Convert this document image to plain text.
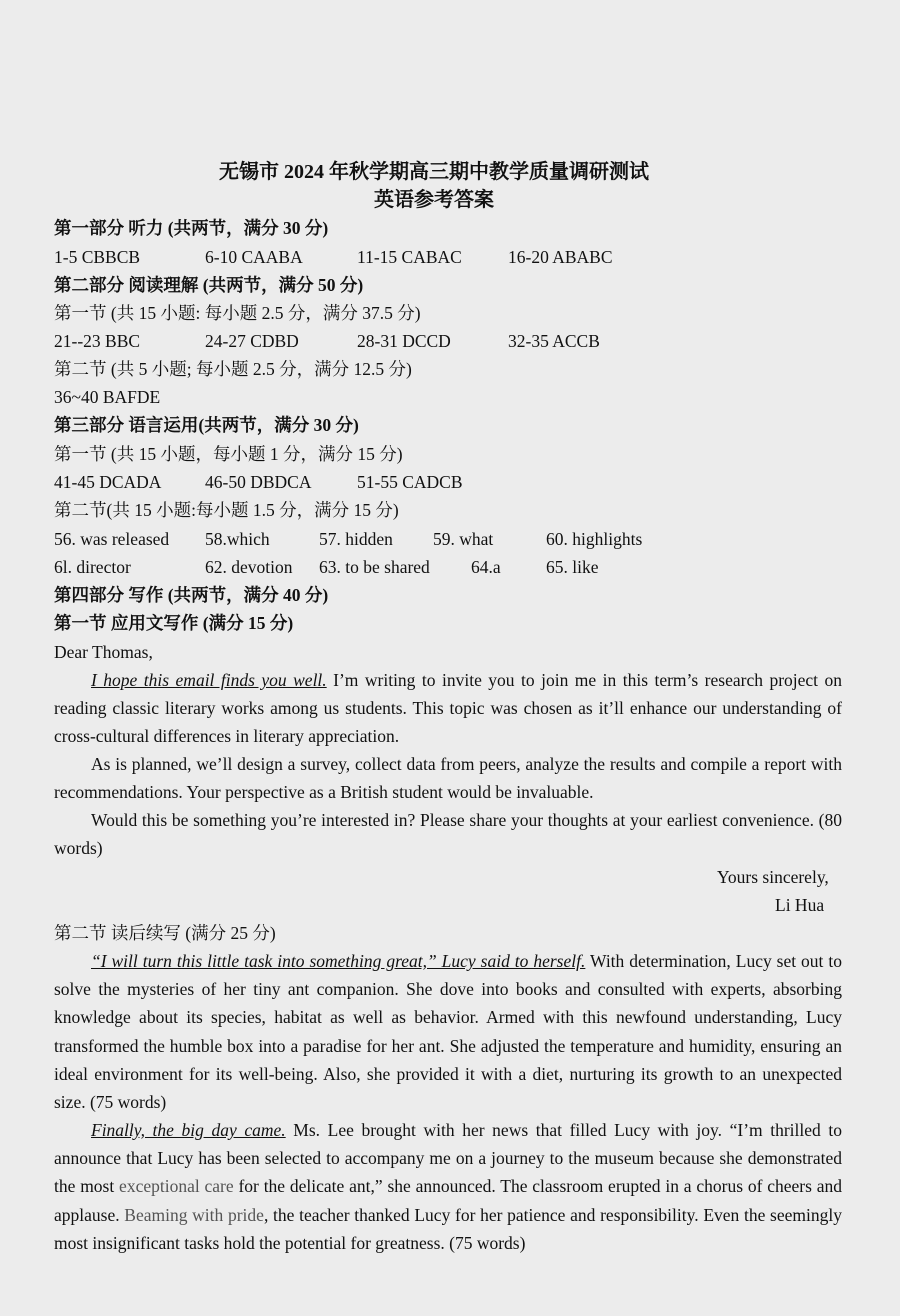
无锡市 2024 年秋学期高三期中教学质量调研测试
英语参考答案
第一部分 听力 (共两节，满分 30 分)
1-5 CBBCB	6-10 CAABA	11-15 CABAC	16-20 ABABC
第二部分 阅读理解 (共两节，满分 50 分)
第一节 (共 15 小题: 每小题 2.5 分，满分 37.5 分)
21--23 BBC	24-27 CDBD	28-31 DCCD	32-35 ACCB
第二节 (共 5 小题; 每小题 2.5 分，满分 12.5 分)
36~40 BAFDE
第三部分 语言运用(共两节，满分 30 分)
第一节 (共 15 小题，每小题 1 分，满分 15 分)
41-45 DCADA 46-50 DBDCA	51-55 CADCB
第二节(共 15 小题:每小题 1.5 分，满分 15 分)
56. was released 58.which	57. hidden 59. what	60. highlights
6l. director	62. devotion 63. to be shared 64.a	65. like
第四部分 写作 (共两节，满分 40 分)
第一节 应用文写作 (满分 15 分)
Dear Thomas,
I hope this email finds you well. I’m writing to invite you to join me in this term’s research project on reading classic literary works among us students. This topic was chosen as it’ll enhance our understanding of cross-cultural differences in literary appreciation.
As is planned, we’ll design a survey, collect data from peers, analyze the results and compile a report with recommendations. Your perspective as a British student would be invaluable.
Would this be something you’re interested in? Please share your thoughts at your earliest convenience. (80 words)
Yours sincerely,
Li Hua
第二节 读后续写 (满分 25 分)
“I will turn this little task into something great,” Lucy said to herself. With determination, Lucy set out to solve the mysteries of her tiny ant companion. She dove into books and consulted with experts, absorbing knowledge about its species, habitat as well as behavior. Armed with this newfound understanding, Lucy transformed the humble box into a paradise for her ant. She adjusted the temperature and humidity, ensuring an ideal environment for its well-being. Also, she provided it with a diet, nurturing its growth to an unexpected size. (75 words)
Finally, the big day came. Ms. Lee brought with her news that filled Lucy with joy. “I’m thrilled to announce that Lucy has been selected to accompany me on a journey to the museum because she demonstrated the most exceptional care for the delicate ant,” she announced. The classroom erupted in a chorus of cheers and applause. Beaming with pride, the teacher thanked Lucy for her patience and responsibility. Even the seemingly most insignificant tasks hold the potential for greatness. (75 words)
